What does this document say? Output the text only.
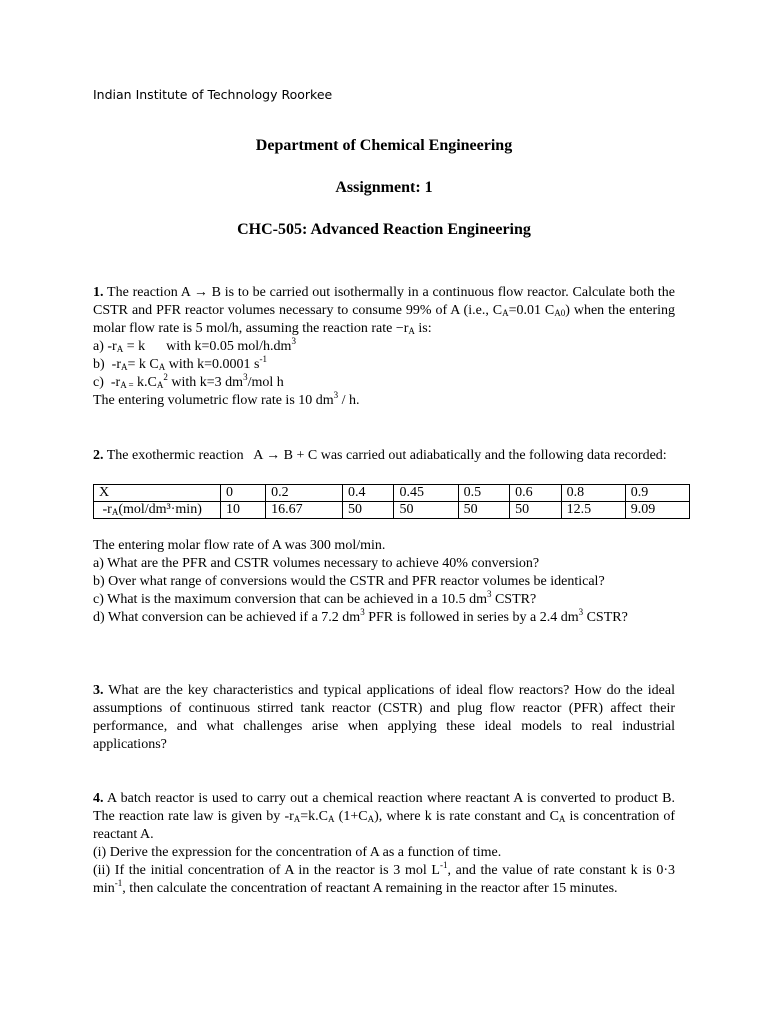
Indian Institute of Technology Roorkee
Department of Chemical Engineering
Assignment: 1
CHC-505: Advanced Reaction Engineering
1. The reaction A → B is to be carried out isothermally in a continuous flow reactor. Calculate both the CSTR and PFR reactor volumes necessary to consume 99% of A (i.e., $C_A=0.01$ $C_{A0}$) when the entering molar flow rate is 5 mol/h, assuming the reaction rate $-r_A$ is:
a) $-r_A = k$      with k=0.05 mol/$h.dm^3$
b)  $-r_A= k$ $C_A$ with k=0.0001 $s^{-1}$
c)  $-r_{A =}$ $k.C_A^2$ with k=3 $dm^3$/mol h
The entering volumetric flow rate is 10 $dm^3$ / h.
2. The exothermic reaction   A → B + C was carried out adiabatically and the following data recorded:
X	0	0.2	0.4	0.45	0.5	0.6	0.8	0.9
$-r_A(mol/dm^3\cdot\min)$	10	16.67	50	50	50	50	12.5	9.09
The entering molar flow rate of A was 300 mol/min.
a) What are the PFR and CSTR volumes necessary to achieve 40% conversion?
b) Over what range of conversions would the CSTR and PFR reactor volumes be identical?
c) What is the maximum conversion that can be achieved in a 10.5 $dm^3$ CSTR?
d) What conversion can be achieved if a 7.2 $dm^3$ PFR is followed in series by a 2.4 $dm^3$ CSTR?
3. What are the key characteristics and typical applications of ideal flow reactors? How do the ideal assumptions of continuous stirred tank reactor (CSTR) and plug flow reactor (PFR) affect their performance, and what challenges arise when applying these ideal models to real industrial applications?
4. A batch reactor is used to carry out a chemical reaction where reactant A is converted to product B. The reaction rate law is given by $-r_A=k.C_A$ $(1+C_A)$, where k is rate constant and $C_A$ is concentration of reactant A.
(i) Derive the expression for the concentration of A as a function of time.
(ii) If the initial concentration of A in the reactor is 3 mol $L^{-1}$, and the value of rate constant k is 0·3 $\min^{-1}$, then calculate the concentration of reactant A remaining in the reactor after 15 minutes.
